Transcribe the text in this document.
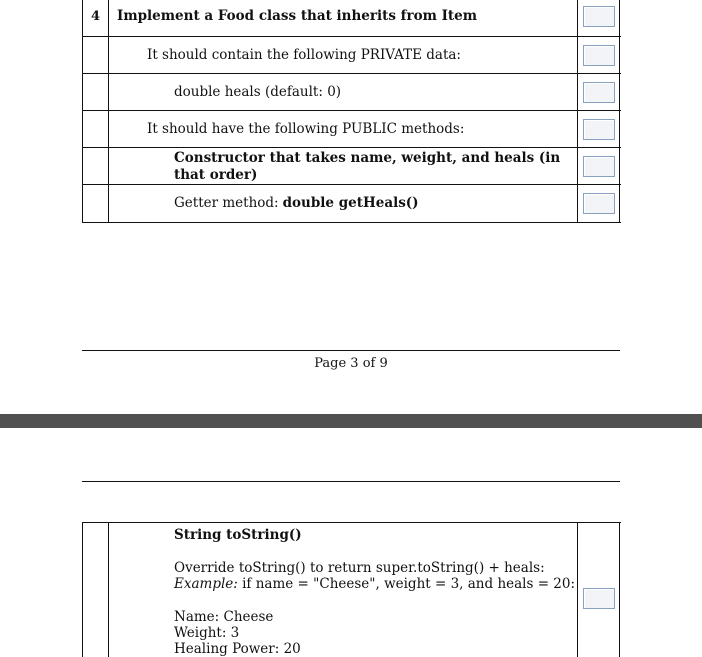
4	Implement a Food class that inherits from Item
It should contain the following PRIVATE data:
double heals (default: 0)
It should have the following PUBLIC methods:
Constructor that takes name, weight, and heals (in
that order)
Getter method: double getHeals()
Page 3 of 9
String toString()
Override toString() to return super.toString() + heals:
Example: if name = "Cheese", weight = 3, and heals = 20:
Name: Cheese
Weight: 3
Healing Power: 20
